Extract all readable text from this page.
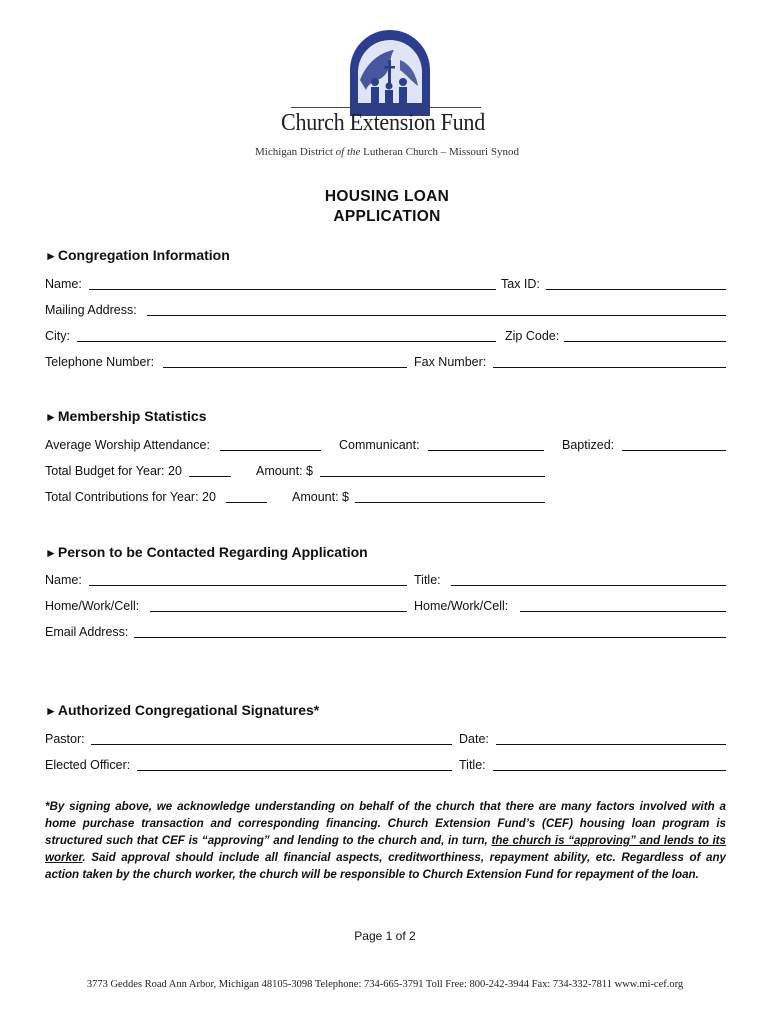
Church Extension Fund
Michigan District of the Lutheran Church – Missouri Synod
HOUSING LOAN
APPLICATION
►Congregation Information
Name:	Tax ID:
Mailing Address:
City:	Zip Code:
Telephone Number:	Fax Number:
►Membership Statistics
Average Worship Attendance:	Communicant:	Baptized:
Total Budget for Year: 20	Amount: $
Total Contributions for Year: 20	Amount: $
►Person to be Contacted Regarding Application
Name:	Title:
Home/Work/Cell:	Home/Work/Cell:
Email Address:
►Authorized Congregational Signatures*
Pastor:	Date:
Elected Officer:	Title:
*By signing above, we acknowledge understanding on behalf of the church that there are many factors involved with a home purchase transaction and corresponding financing. Church Extension Fund’s (CEF) housing loan program is structured such that CEF is “approving” and lending to the church and, in turn, the church is “approving” and lends to its worker. Said approval should include all financial aspects, creditworthiness, repayment ability, etc. Regardless of any action taken by the church worker, the church will be responsible to Church Extension Fund for repayment of the loan.
Page 1 of 2
3773 Geddes Road Ann Arbor, Michigan 48105-3098 Telephone: 734-665-3791 Toll Free: 800-242-3944 Fax: 734-332-7811 www.mi-cef.org
